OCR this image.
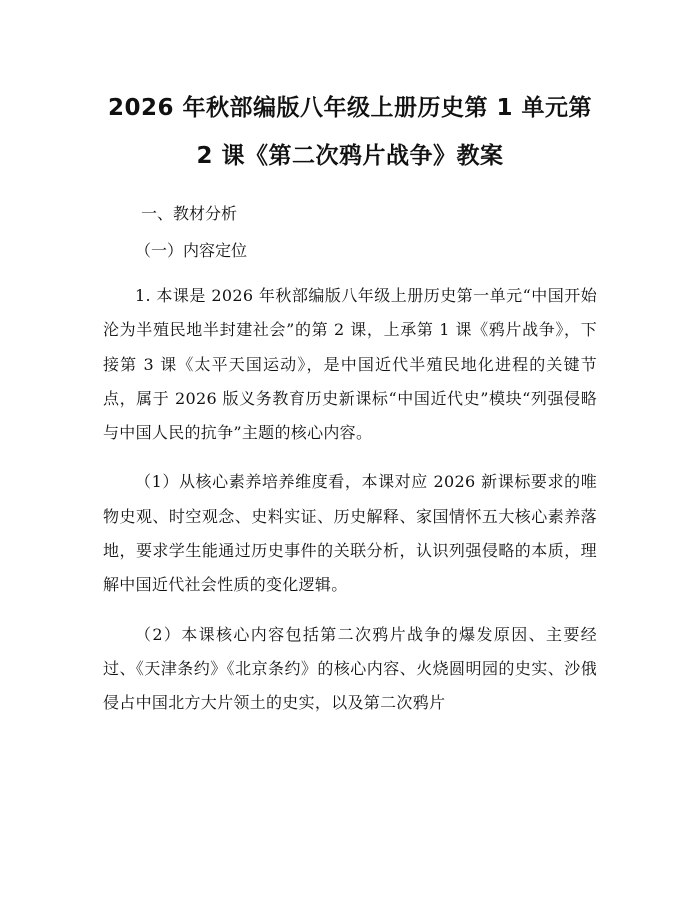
2026 年秋部编版八年级上册历史第 1 单元第
2 课《第二次鸦片战争》教案
一、教材分析
（一）内容定位

1. 本课是 2026 年秋部编版八年级上册历史第一单元“中国开始沦为半殖民地半封建社会”的第 2 课，上承第 1 课《鸦片战争》，下接第 3 课《太平天国运动》，是中国近代半殖民地化进程的关键节点，属于 2026 版义务教育历史新课标“中国近代史”模块“列强侵略与中国人民的抗争”主题的核心内容。

（1）从核心素养培养维度看，本课对应 2026 新课标要求的唯物史观、时空观念、史料实证、历史解释、家国情怀五大核心素养落地，要求学生能通过历史事件的关联分析，认识列强侵略的本质，理解中国近代社会性质的变化逻辑。

（2）本课核心内容包括第二次鸦片战争的爆发原因、主要经过、《天津条约》《北京条约》的核心内容、火烧圆明园的史实、沙俄侵占中国北方大片领土的史实，以及第二次鸦片
